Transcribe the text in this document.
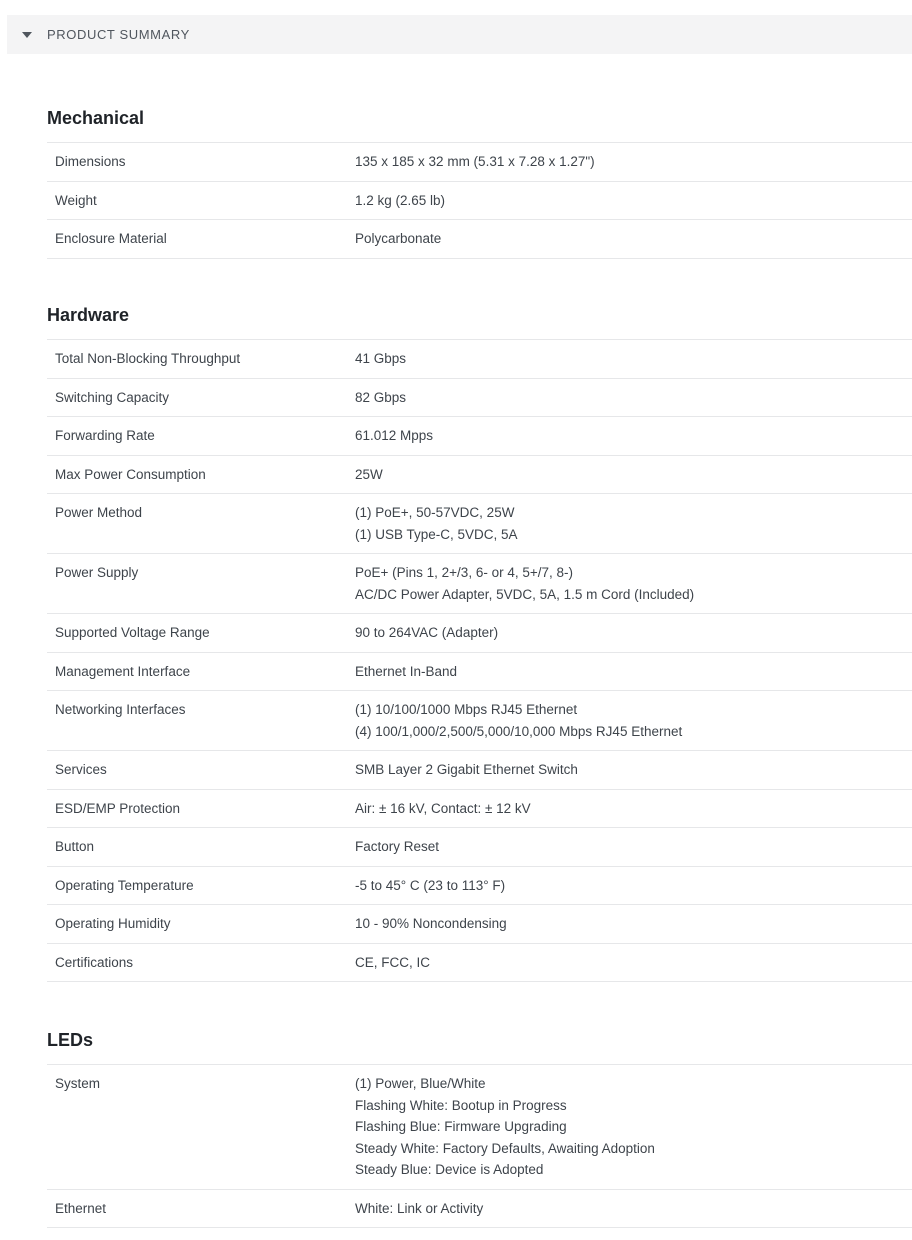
PRODUCT SUMMARY
Mechanical
Dimensions	135 x 185 x 32 mm (5.31 x 7.28 x 1.27")

Weight	1.2 kg (2.65 lb)

Enclosure Material	Polycarbonate
Hardware
Total Non-Blocking Throughput	41 Gbps

Switching Capacity	82 Gbps

Forwarding Rate	61.012 Mpps

Max Power Consumption	25W

Power Method	(1) PoE+, 50-57VDC, 25W
(1) USB Type-C, 5VDC, 5A

Power Supply	PoE+ (Pins 1, 2+/3, 6- or 4, 5+/7, 8-)
AC/DC Power Adapter, 5VDC, 5A, 1.5 m Cord (Included)

Supported Voltage Range	90 to 264VAC (Adapter)

Management Interface	Ethernet In-Band

Networking Interfaces	(1) 10/100/1000 Mbps RJ45 Ethernet
(4) 100/1,000/2,500/5,000/10,000 Mbps RJ45 Ethernet

Services	SMB Layer 2 Gigabit Ethernet Switch

ESD/EMP Protection	Air: ± 16 kV, Contact: ± 12 kV

Button	Factory Reset

Operating Temperature	-5 to 45° C (23 to 113° F)

Operating Humidity	10 - 90% Noncondensing

Certifications	CE, FCC, IC
LEDs
System	(1) Power, Blue/White
Flashing White: Bootup in Progress
Flashing Blue: Firmware Upgrading
Steady White: Factory Defaults, Awaiting Adoption
Steady Blue: Device is Adopted

Ethernet	White: Link or Activity
